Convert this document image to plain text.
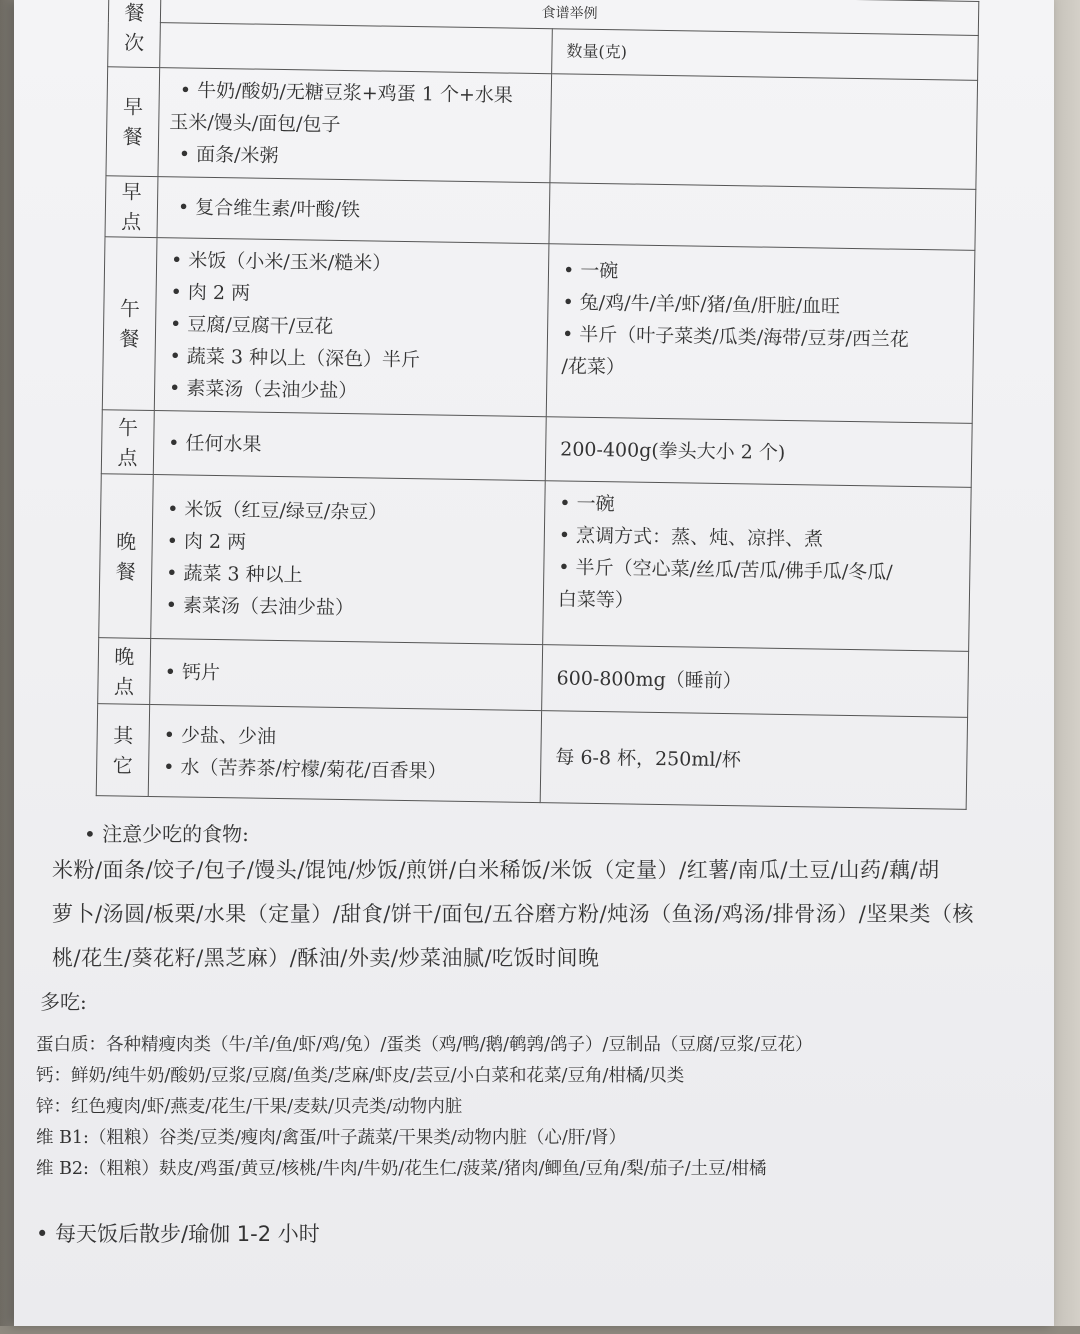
餐次	食谱举例	

		数量(克)

早餐	• 牛奶/酸奶/无糖豆浆+鸡蛋 1 个+水果
玉米/馒头/面包/包子
• 面条/米粥	

早点	• 复合维生素/叶酸/铁	

午餐	• 米饭（小米/玉米/糙米）
• 肉 2 两
• 豆腐/豆腐干/豆花
• 蔬菜 3 种以上（深色）半斤
• 素菜汤（去油少盐）	• 一碗
• 兔/鸡/牛/羊/虾/猪/鱼/肝脏/血旺
• 半斤（叶子菜类/瓜类/海带/豆芽/西兰花
/花菜）

午点	• 任何水果	200-400g(拳头大小 2 个)

晚餐	• 米饭（红豆/绿豆/杂豆）
• 肉 2 两
• 蔬菜 3 种以上
• 素菜汤（去油少盐）	• 一碗
• 烹调方式：蒸、炖、凉拌、煮
• 半斤（空心菜/丝瓜/苦瓜/佛手瓜/冬瓜/
白菜等）

晚点	• 钙片	600-800mg（睡前）

其它	• 少盐、少油
• 水（苦荞茶/柠檬/菊花/百香果）	每 6-8 杯，250ml/杯
• 注意少吃的食物:
米粉/面条/饺子/包子/馒头/馄饨/炒饭/煎饼/白米稀饭/米饭（定量）/红薯/南瓜/土豆/山药/藕/胡
萝卜/汤圆/板栗/水果（定量）/甜食/饼干/面包/五谷磨方粉/炖汤（鱼汤/鸡汤/排骨汤）/坚果类（核
桃/花生/葵花籽/黑芝麻）/酥油/外卖/炒菜油腻/吃饭时间晚
多吃:
蛋白质：各种精瘦肉类（牛/羊/鱼/虾/鸡/兔）/蛋类（鸡/鸭/鹅/鹌鹑/鸽子）/豆制品（豆腐/豆浆/豆花）
钙：鲜奶/纯牛奶/酸奶/豆浆/豆腐/鱼类/芝麻/虾皮/芸豆/小白菜和花菜/豆角/柑橘/贝类
锌：红色瘦肉/虾/燕麦/花生/干果/麦麸/贝壳类/动物内脏
维 B1:（粗粮）谷类/豆类/瘦肉/禽蛋/叶子蔬菜/干果类/动物内脏（心/肝/肾）
维 B2:（粗粮）麸皮/鸡蛋/黄豆/核桃/牛肉/牛奶/花生仁/菠菜/猪肉/鲫鱼/豆角/梨/茄子/土豆/柑橘
• 每天饭后散步/瑜伽 1-2 小时
